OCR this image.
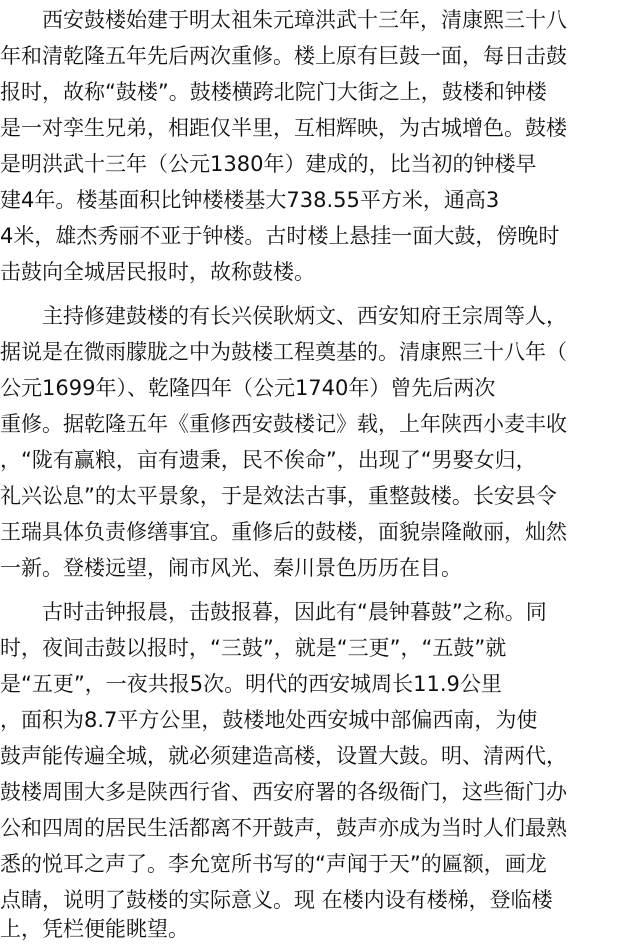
　　西安鼓楼始建于明太祖朱元璋洪武十三年，清康熙三十八
年和清乾隆五年先后两次重修。楼上原有巨鼓一面，每日击鼓
报时，故称“鼓楼”。鼓楼横跨北院门大街之上，鼓楼和钟楼
是一对孪生兄弟，相距仅半里，互相辉映，为古城增色。鼓楼
是明洪武十三年（公元1380年）建成的，比当初的钟楼早
建4年。楼基面积比钟楼楼基大738.55平方米，通高3
4米，雄杰秀丽不亚于钟楼。古时楼上悬挂一面大鼓，傍晚时
击鼓向全城居民报时，故称鼓楼。
　　主持修建鼓楼的有长兴侯耿炳文、西安知府王宗周等人，
据说是在微雨朦胧之中为鼓楼工程奠基的。清康熙三十八年（
公元1699年）、乾隆四年（公元1740年）曾先后两次
重修。据乾隆五年《重修西安鼓楼记》载，上年陕西小麦丰收
，“陇有赢粮，亩有遗秉，民不俟命”，出现了“男娶女归，
礼兴讼息”的太平景象，于是效法古事，重整鼓楼。长安县令
王瑞具体负责修缮事宜。重修后的鼓楼，面貌崇隆敞丽，灿然
一新。登楼远望，闹市风光、秦川景色历历在目。
　　古时击钟报晨，击鼓报暮，因此有“晨钟暮鼓”之称。同
时，夜间击鼓以报时，“三鼓”，就是“三更”，“五鼓”就
是“五更”，一夜共报5次。明代的西安城周长11.9公里
，面积为8.7平方公里，鼓楼地处西安城中部偏西南，为使
鼓声能传遍全城，就必须建造高楼，设置大鼓。明、清两代，
鼓楼周围大多是陕西行省、西安府署的各级衙门，这些衙门办
公和四周的居民生活都离不开鼓声，鼓声亦成为当时人们最熟
悉的悦耳之声了。李允宽所书写的“声闻于天”的匾额，画龙
点睛，说明了鼓楼的实际意义。现 在楼内设有楼梯，登临楼
上，凭栏便能眺望。
